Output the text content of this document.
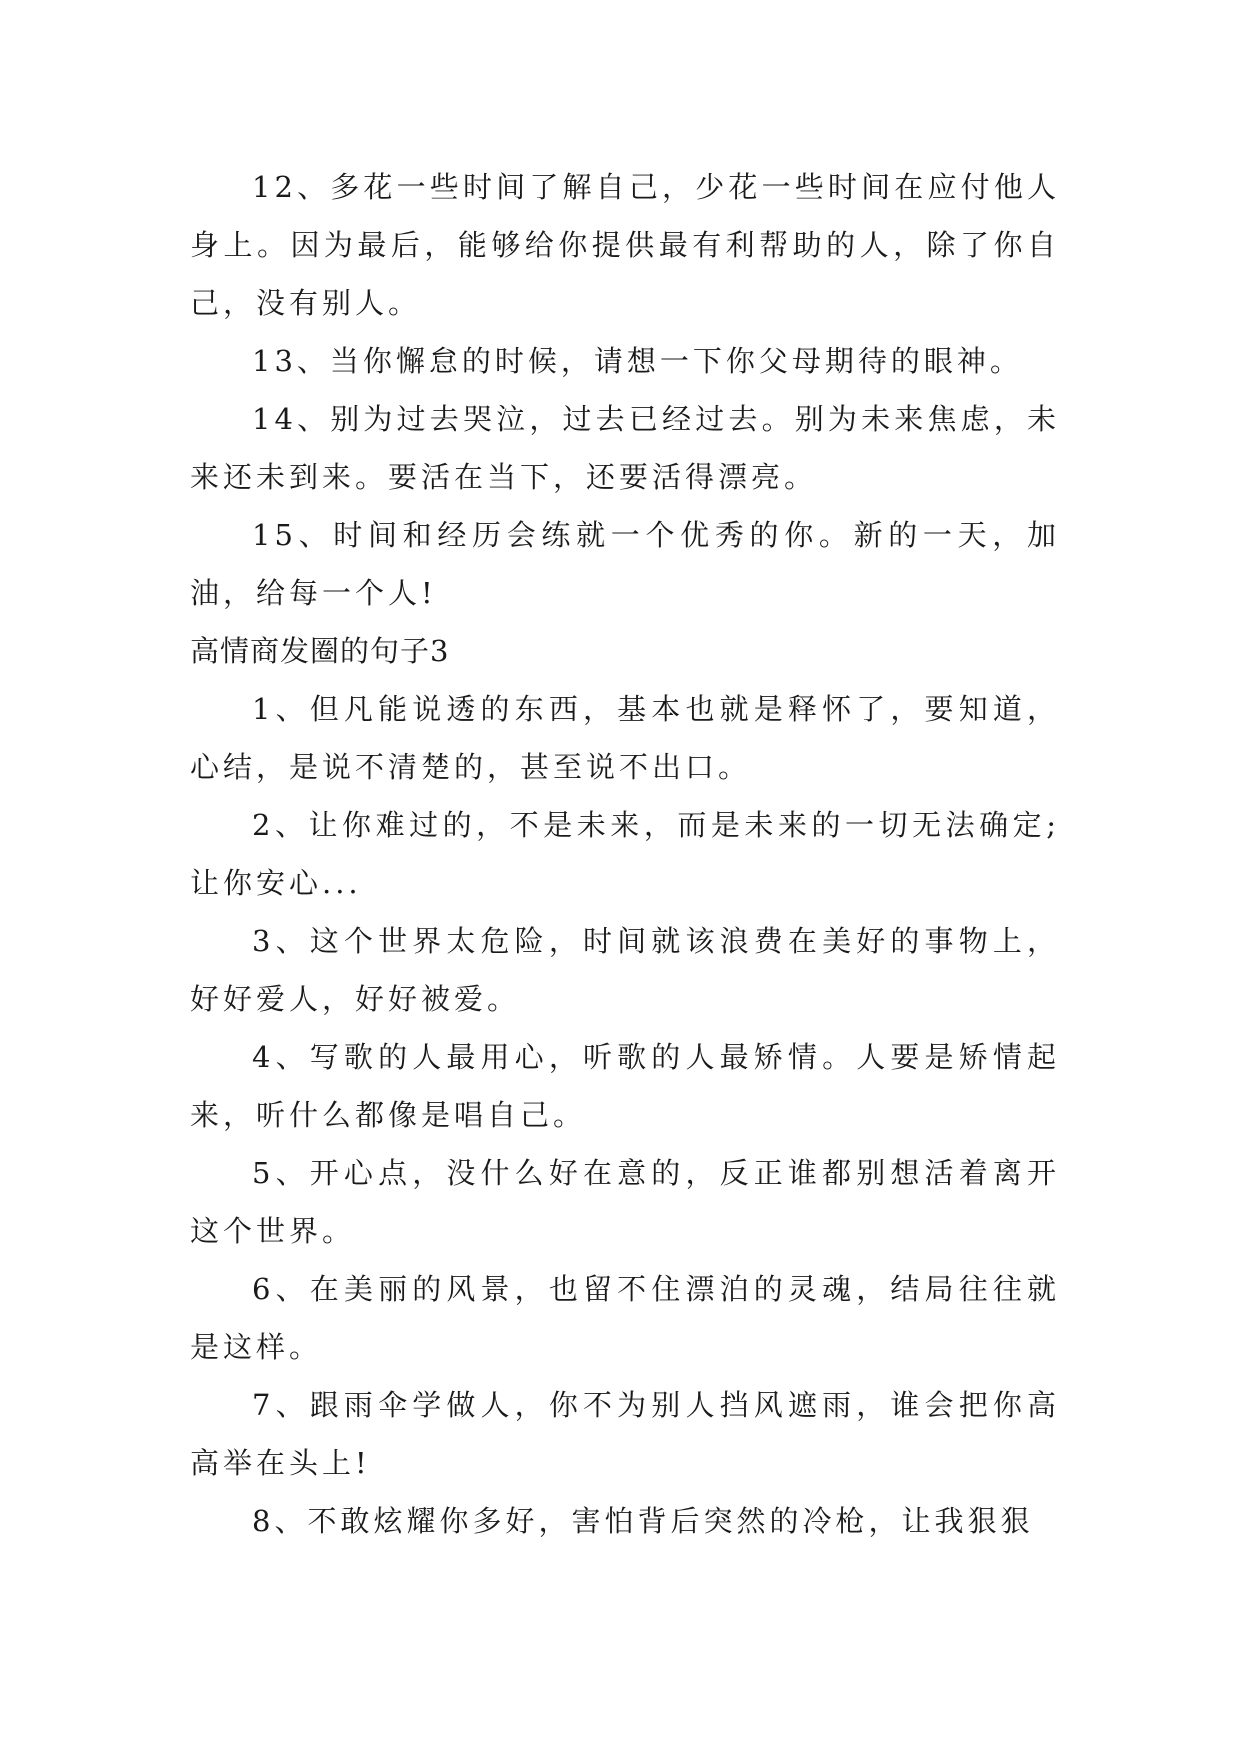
12、多花一些时间了解自己，少花一些时间在应付他人身上。因为最后，能够给你提供最有利帮助的人，除了你自己，没有别人。

13、当你懈怠的时候，请想一下你父母期待的眼神。

14、别为过去哭泣，过去已经过去。别为未来焦虑，未来还未到来。要活在当下，还要活得漂亮。

15、时间和经历会练就一个优秀的你。新的一天，加油，给每一个人!

高情商发圈的句子3

1、但凡能说透的东西，基本也就是释怀了，要知道，心结，是说不清楚的，甚至说不出口。

2、让你难过的，不是未来，而是未来的一切无法确定;让你安心...

3、这个世界太危险，时间就该浪费在美好的事物上，好好爱人，好好被爱。

4、写歌的人最用心，听歌的人最矫情。人要是矫情起来，听什么都像是唱自己。

5、开心点，没什么好在意的，反正谁都别想活着离开这个世界。

6、在美丽的风景，也留不住漂泊的灵魂，结局往往就是这样。

7、跟雨伞学做人，你不为别人挡风遮雨，谁会把你高高举在头上!

8、不敢炫耀你多好，害怕背后突然的冷枪，让我狠狠
